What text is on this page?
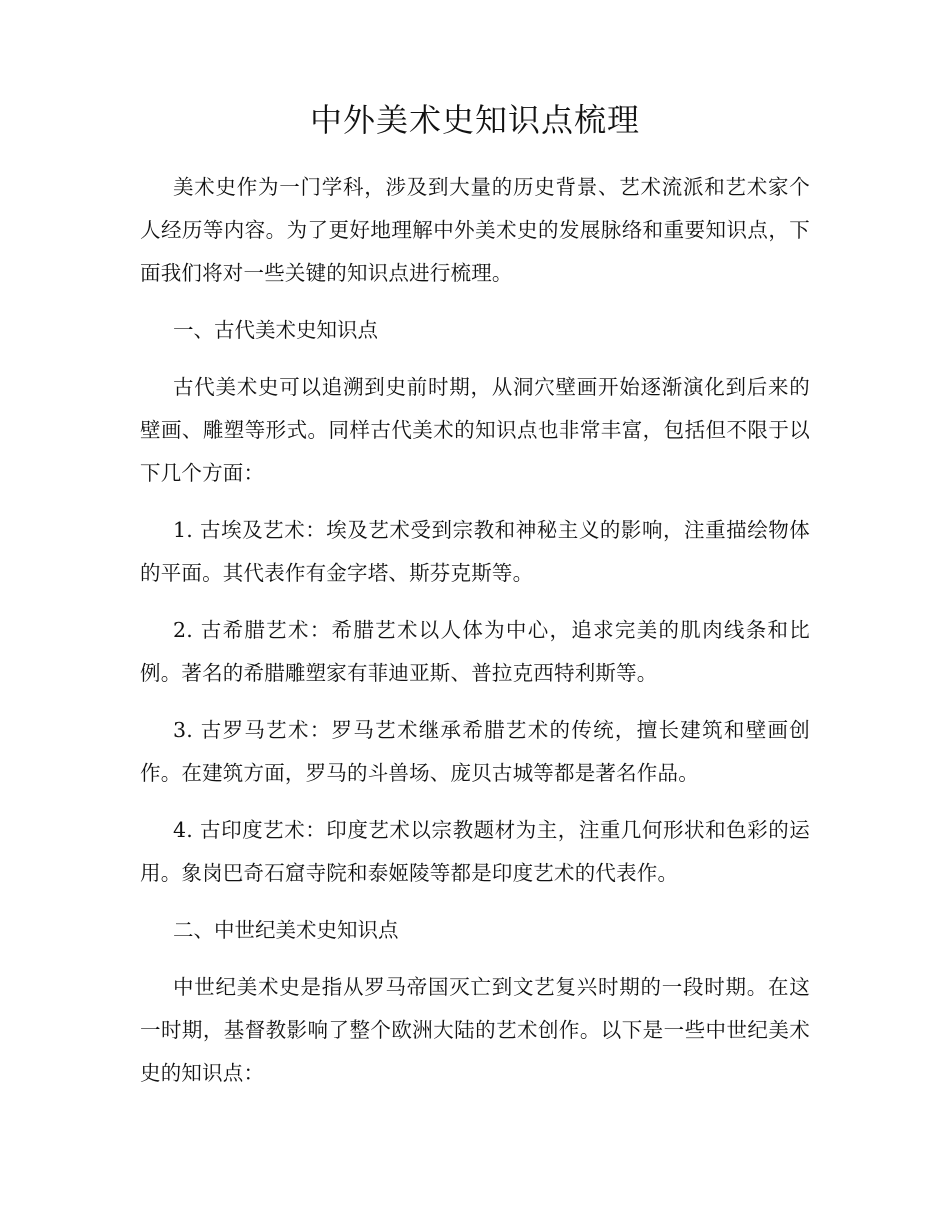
中外美术史知识点梳理

美术史作为一门学科，涉及到大量的历史背景、艺术流派和艺术家个人经历等内容。为了更好地理解中外美术史的发展脉络和重要知识点，下面我们将对一些关键的知识点进行梳理。

一、古代美术史知识点

古代美术史可以追溯到史前时期，从洞穴壁画开始逐渐演化到后来的壁画、雕塑等形式。同样古代美术的知识点也非常丰富，包括但不限于以下几个方面：

1. 古埃及艺术：埃及艺术受到宗教和神秘主义的影响，注重描绘物体的平面。其代表作有金字塔、斯芬克斯等。

2. 古希腊艺术：希腊艺术以人体为中心，追求完美的肌肉线条和比例。著名的希腊雕塑家有菲迪亚斯、普拉克西特利斯等。

3. 古罗马艺术：罗马艺术继承希腊艺术的传统，擅长建筑和壁画创作。在建筑方面，罗马的斗兽场、庞贝古城等都是著名作品。

4. 古印度艺术：印度艺术以宗教题材为主，注重几何形状和色彩的运用。象岗巴奇石窟寺院和泰姬陵等都是印度艺术的代表作。

二、中世纪美术史知识点

中世纪美术史是指从罗马帝国灭亡到文艺复兴时期的一段时期。在这一时期，基督教影响了整个欧洲大陆的艺术创作。以下是一些中世纪美术史的知识点：
